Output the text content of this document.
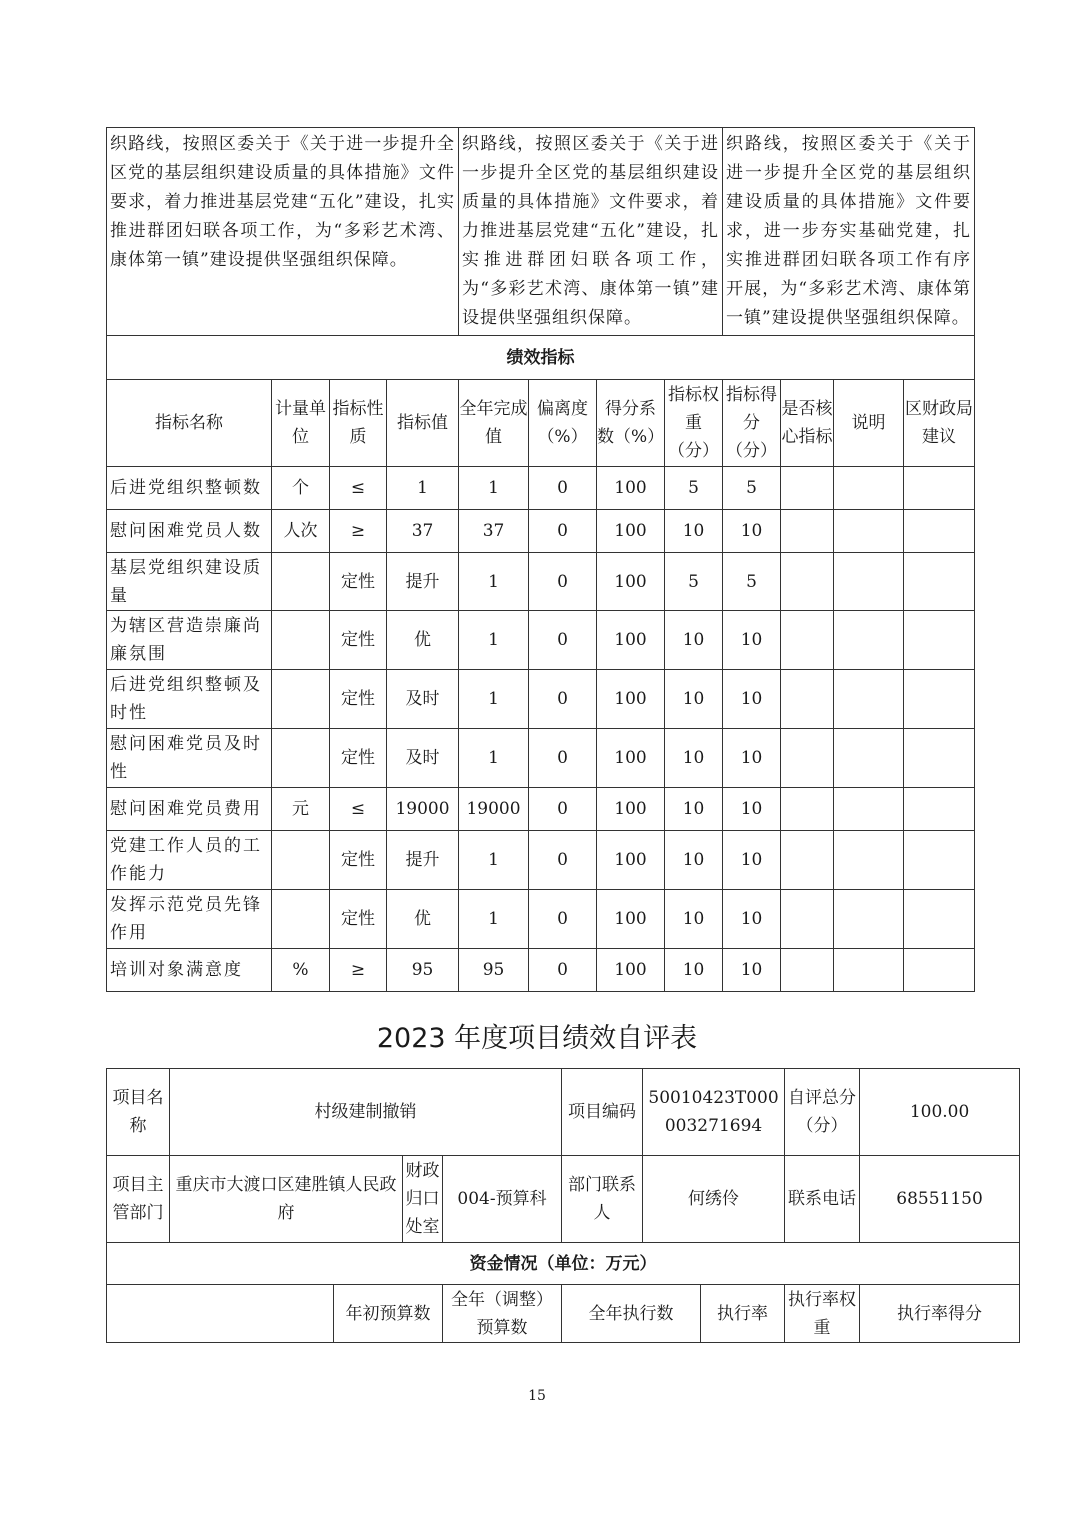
织路线，按照区委关于《关于进一步提升全区党的基层组织建设质量的具体措施》文件要求，着力推进基层党建“五化”建设，扎实推进群团妇联各项工作，为“多彩艺术湾、康体第一镇”建设提供坚强组织保障。				织路线，按照区委关于《关于进一步提升全区党的基层组织建设质量的具体措施》文件要求，着力推进基层党建“五化”建设，扎实推进群团妇联各项工作，为“多彩艺术湾、康体第一镇”建设提供坚强组织保障。				织路线，按照区委关于《关于进一步提升全区党的基层组织建设质量的具体措施》文件要求，进一步夯实基础党建，扎实推进群团妇联各项工作有序开展，为“多彩艺术湾、康体第一镇”建设提供坚强组织保障。			
绩效指标											
指标名称	计量单位	指标性质	指标值	全年完成值	偏离度（%）	得分系数（%）	指标权重（分）	指标得分（分）	是否核心指标	说明	区财政局建议
后进党组织整顿数	个	≤	1	1	0	100	5	5			
慰问困难党员人数	人次	≥	37	37	0	100	10	10			
基层党组织建设质量		定性	提升	1	0	100	5	5			
为辖区营造崇廉尚廉氛围		定性	优	1	0	100	10	10			
后进党组织整顿及时性		定性	及时	1	0	100	10	10			
慰问困难党员及时性		定性	及时	1	0	100	10	10			
慰问困难党员费用	元	≤	19000	19000	0	100	10	10			
党建工作人员的工作能力		定性	提升	1	0	100	10	10			
发挥示范党员先锋作用		定性	优	1	0	100	10	10			
培训对象满意度	%	≥	95	95	0	100	10	10			
2023 年度项目绩效自评表
项目名称	村级建制撤销				项目编码	50010423T000003271694		自评总分（分）	100.00
项目主管部门	重庆市大渡口区建胜镇人民政府		财政归口处室	004-预算科	部门联系人	何绣伶		联系电话	68551150
资金情况（单位：万元）									
		年初预算数		全年（调整）预算数	全年执行数		执行率	执行率权重	执行率得分
15
